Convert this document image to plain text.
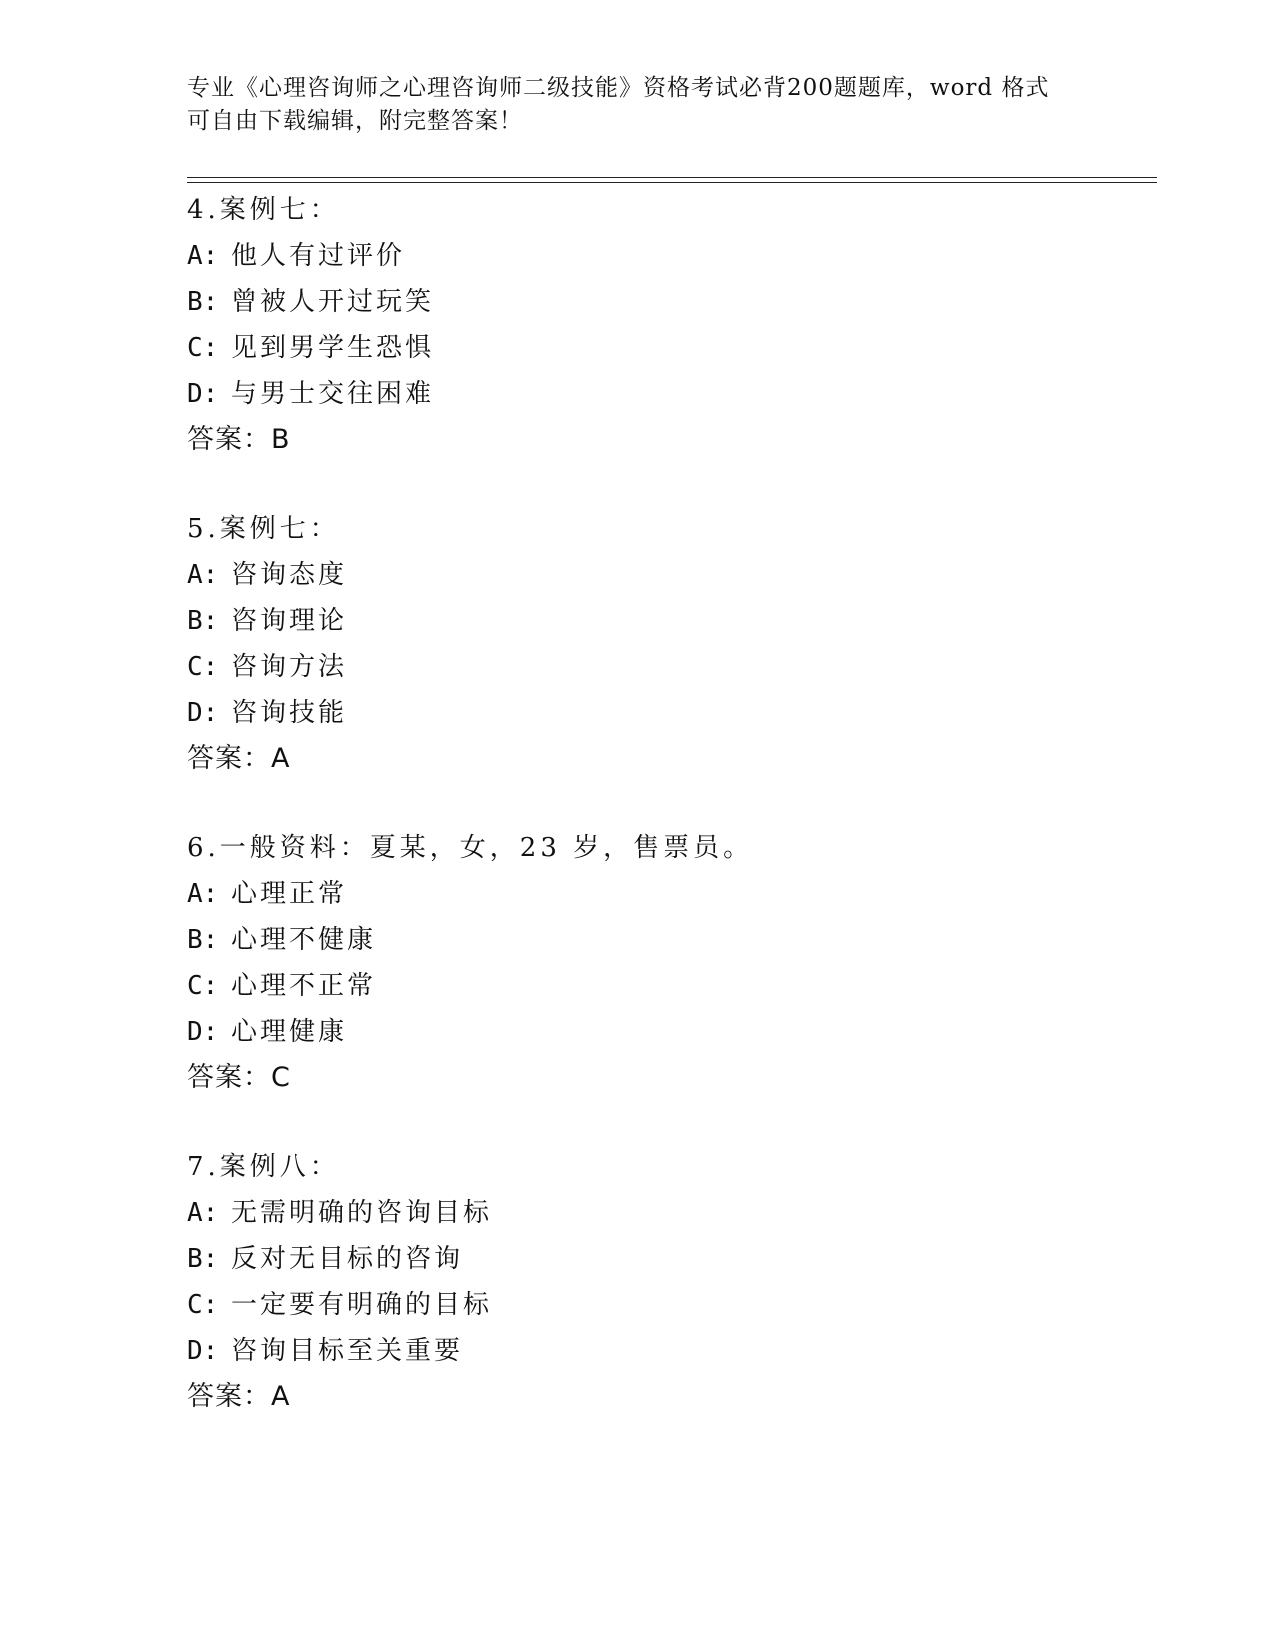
专业《心理咨询师之心理咨询师二级技能》资格考试必背200题题库，word 格式
可自由下载编辑，附完整答案！
4.案例七：
A: 他人有过评价
B: 曾被人开过玩笑
C: 见到男学生恐惧
D: 与男士交往困难
答案：B
5.案例七：
A: 咨询态度
B: 咨询理论
C: 咨询方法
D: 咨询技能
答案：A
6.一般资料：夏某，女，23 岁，售票员。
A: 心理正常
B: 心理不健康
C: 心理不正常
D: 心理健康
答案：C
7.案例八：
A: 无需明确的咨询目标
B: 反对无目标的咨询
C: 一定要有明确的目标
D: 咨询目标至关重要
答案：A
